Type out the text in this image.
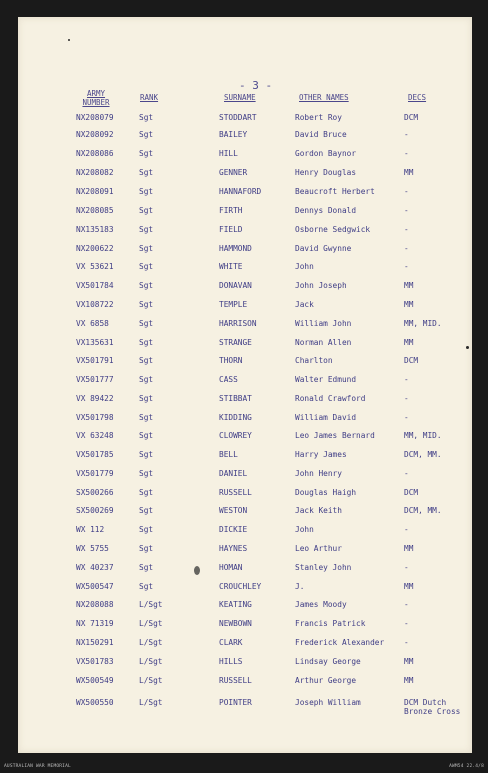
- 3 -
ARMY NUMBER
RANK	SURNAME	OTHER NAMES	DECS
NX208079	Sgt	STODDART	Robert Roy	DCM
NX208092	Sgt	BAILEY	David Bruce	-
NX208086	Sgt	HILL	Gordon Baynor	-
NX208082	Sgt	GENNER	Henry Douglas	MM
NX208091	Sgt	HANNAFORD	Beaucroft Herbert	-
NX208085	Sgt	FIRTH	Dennys Donald	-
NX135183	Sgt	FIELD	Osborne Sedgwick	-
NX200622	Sgt	HAMMOND	David Gwynne	-
VX 53621	Sgt	WHITE	John	-
VX501784	Sgt	DONAVAN	John Joseph	MM
VX108722	Sgt	TEMPLE	Jack	MM
VX 6858	Sgt	HARRISON	William John	MM, MID.
VX135631	Sgt	STRANGE	Norman Allen	MM
VX501791	Sgt	THORN	Charlton	DCM
VX501777	Sgt	CASS	Walter Edmund	-
VX 89422	Sgt	STIBBAT	Ronald Crawford	-
VX501798	Sgt	KIDDING	William David	-
VX 63248	Sgt	CLOWREY	Leo James Bernard	MM, MID.
VX501785	Sgt	BELL	Harry James	DCM, MM.
VX501779	Sgt	DANIEL	John Henry	-
SX500266	Sgt	RUSSELL	Douglas Haigh	DCM
SX500269	Sgt	WESTON	Jack Keith	DCM, MM.
WX 112	Sgt	DICKIE	John	-
WX 5755	Sgt	HAYNES	Leo Arthur	MM
WX 40237	Sgt	HOMAN	Stanley John	-
WX500547	Sgt	CROUCHLEY	J.	MM
NX208088	L/Sgt	KEATING	James Moody	-
NX 71319	L/Sgt	NEWBOWN	Francis Patrick	-
NX150291	L/Sgt	CLARK	Frederick Alexander	-
VX501783	L/Sgt	HILLS	Lindsay George	MM
WX500549	L/Sgt	RUSSELL	Arthur George	MM
WX500550	L/Sgt	POINTER	Joseph William	DCM Dutch
Bronze Cross
AUSTRALIAN WAR MEMORIAL	AWM54 22.4/8
